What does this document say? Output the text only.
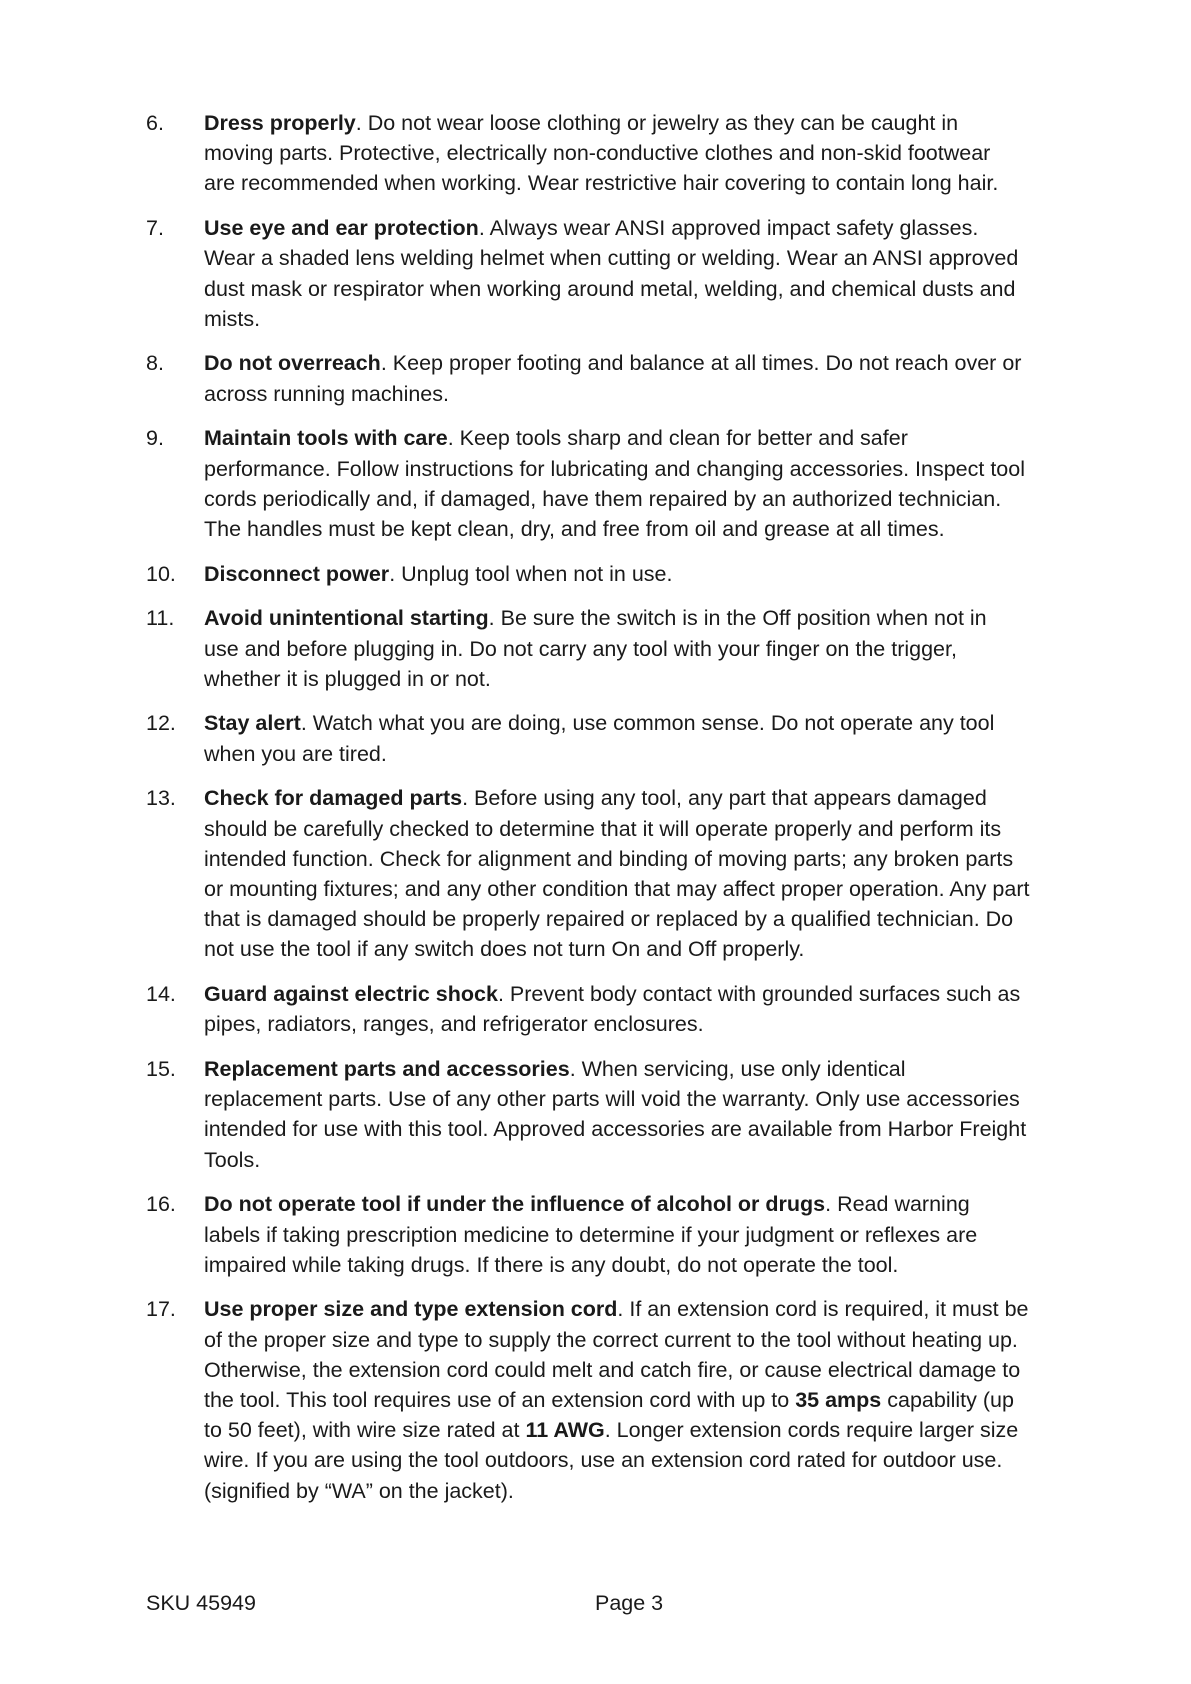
6. Dress properly. Do not wear loose clothing or jewelry as they can be caught in
moving parts. Protective, electrically non-conductive clothes and non-skid footwear
are recommended when working. Wear restrictive hair covering to contain long hair.
7. Use eye and ear protection. Always wear ANSI approved impact safety glasses.
Wear a shaded lens welding helmet when cutting or welding. Wear an ANSI approved
dust mask or respirator when working around metal, welding, and chemical dusts and
mists.
8. Do not overreach. Keep proper footing and balance at all times. Do not reach over or
across running machines.
9. Maintain tools with care. Keep tools sharp and clean for better and safer
performance. Follow instructions for lubricating and changing accessories. Inspect tool
cords periodically and, if damaged, have them repaired by an authorized technician.
The handles must be kept clean, dry, and free from oil and grease at all times.
10. Disconnect power. Unplug tool when not in use.
11. Avoid unintentional starting. Be sure the switch is in the Off position when not in
use and before plugging in. Do not carry any tool with your finger on the trigger,
whether it is plugged in or not.
12. Stay alert. Watch what you are doing, use common sense. Do not operate any tool
when you are tired.
13. Check for damaged parts. Before using any tool, any part that appears damaged
should be carefully checked to determine that it will operate properly and perform its
intended function. Check for alignment and binding of moving parts; any broken parts
or mounting fixtures; and any other condition that may affect proper operation. Any part
that is damaged should be properly repaired or replaced by a qualified technician. Do
not use the tool if any switch does not turn On and Off properly.
14. Guard against electric shock. Prevent body contact with grounded surfaces such as
pipes, radiators, ranges, and refrigerator enclosures.
15. Replacement parts and accessories. When servicing, use only identical
replacement parts. Use of any other parts will void the warranty. Only use accessories
intended for use with this tool. Approved accessories are available from Harbor Freight
Tools.
16. Do not operate tool if under the influence of alcohol or drugs. Read warning
labels if taking prescription medicine to determine if your judgment or reflexes are
impaired while taking drugs. If there is any doubt, do not operate the tool.
17. Use proper size and type extension cord. If an extension cord is required, it must be
of the proper size and type to supply the correct current to the tool without heating up.
Otherwise, the extension cord could melt and catch fire, or cause electrical damage to
the tool. This tool requires use of an extension cord with up to 35 amps capability (up
to 50 feet), with wire size rated at 11 AWG. Longer extension cords require larger size
wire. If you are using the tool outdoors, use an extension cord rated for outdoor use.
(signified by “WA” on the jacket).
SKU 45949	Page 3
